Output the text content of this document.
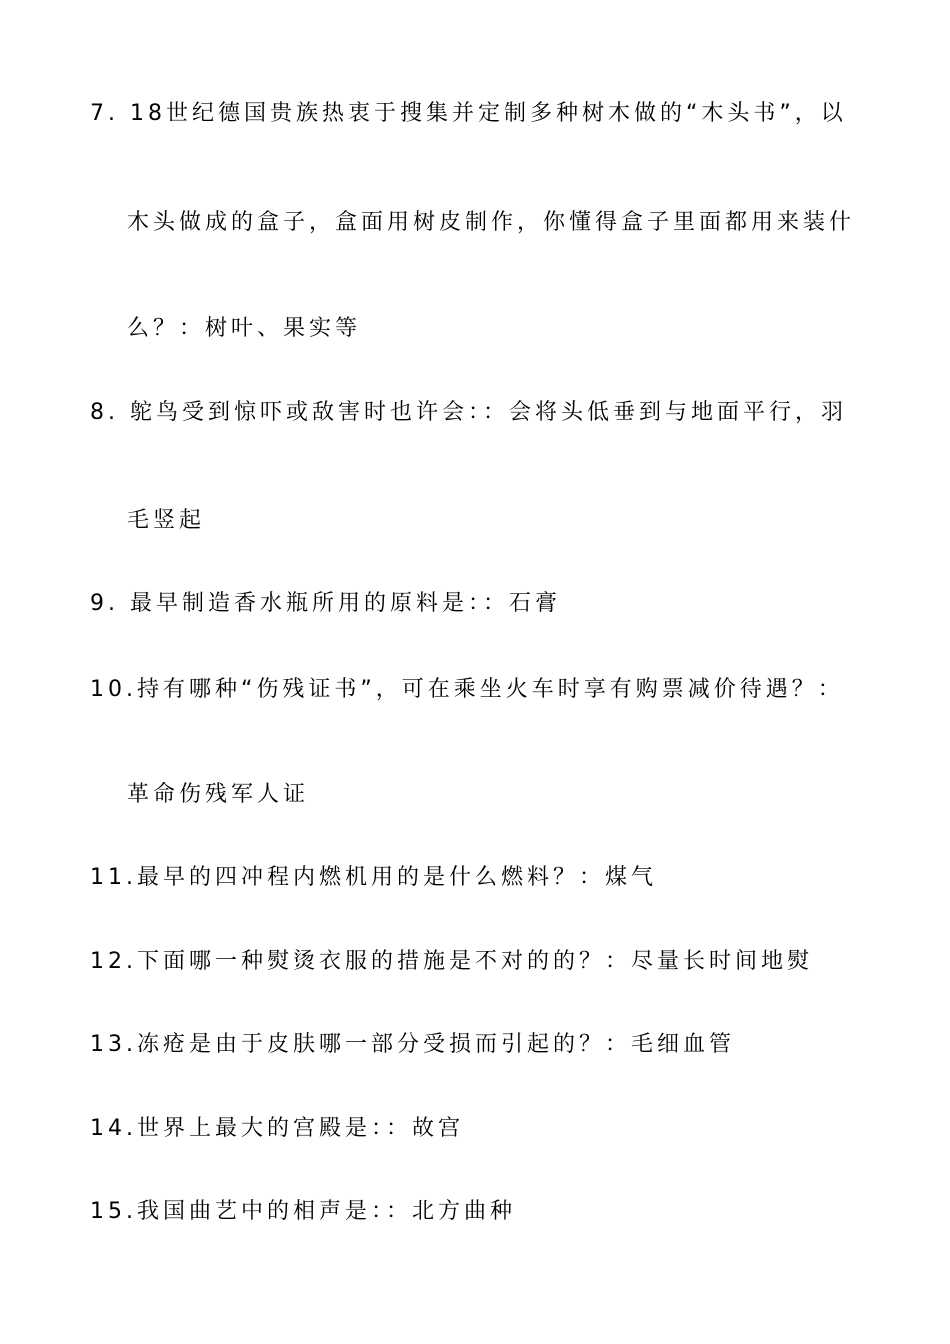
7. 18世纪德国贵族热衷于搜集并定制多种树木做的“木头书”，以
木头做成的盒子，盒面用树皮制作，你懂得盒子里面都用来装什
么？：树叶、果实等
8. 鸵鸟受到惊吓或敌害时也许会：：会将头低垂到与地面平行，羽
毛竖起
9. 最早制造香水瓶所用的原料是：：石膏
10.持有哪种“伤残证书”，可在乘坐火车时享有购票减价待遇？：
革命伤残军人证
11.最早的四冲程内燃机用的是什么燃料？：煤气
12.下面哪一种熨烫衣服的措施是不对的的？：尽量长时间地熨
13.冻疮是由于皮肤哪一部分受损而引起的？：毛细血管
14.世界上最大的宫殿是：：故宫
15.我国曲艺中的相声是：：北方曲种
